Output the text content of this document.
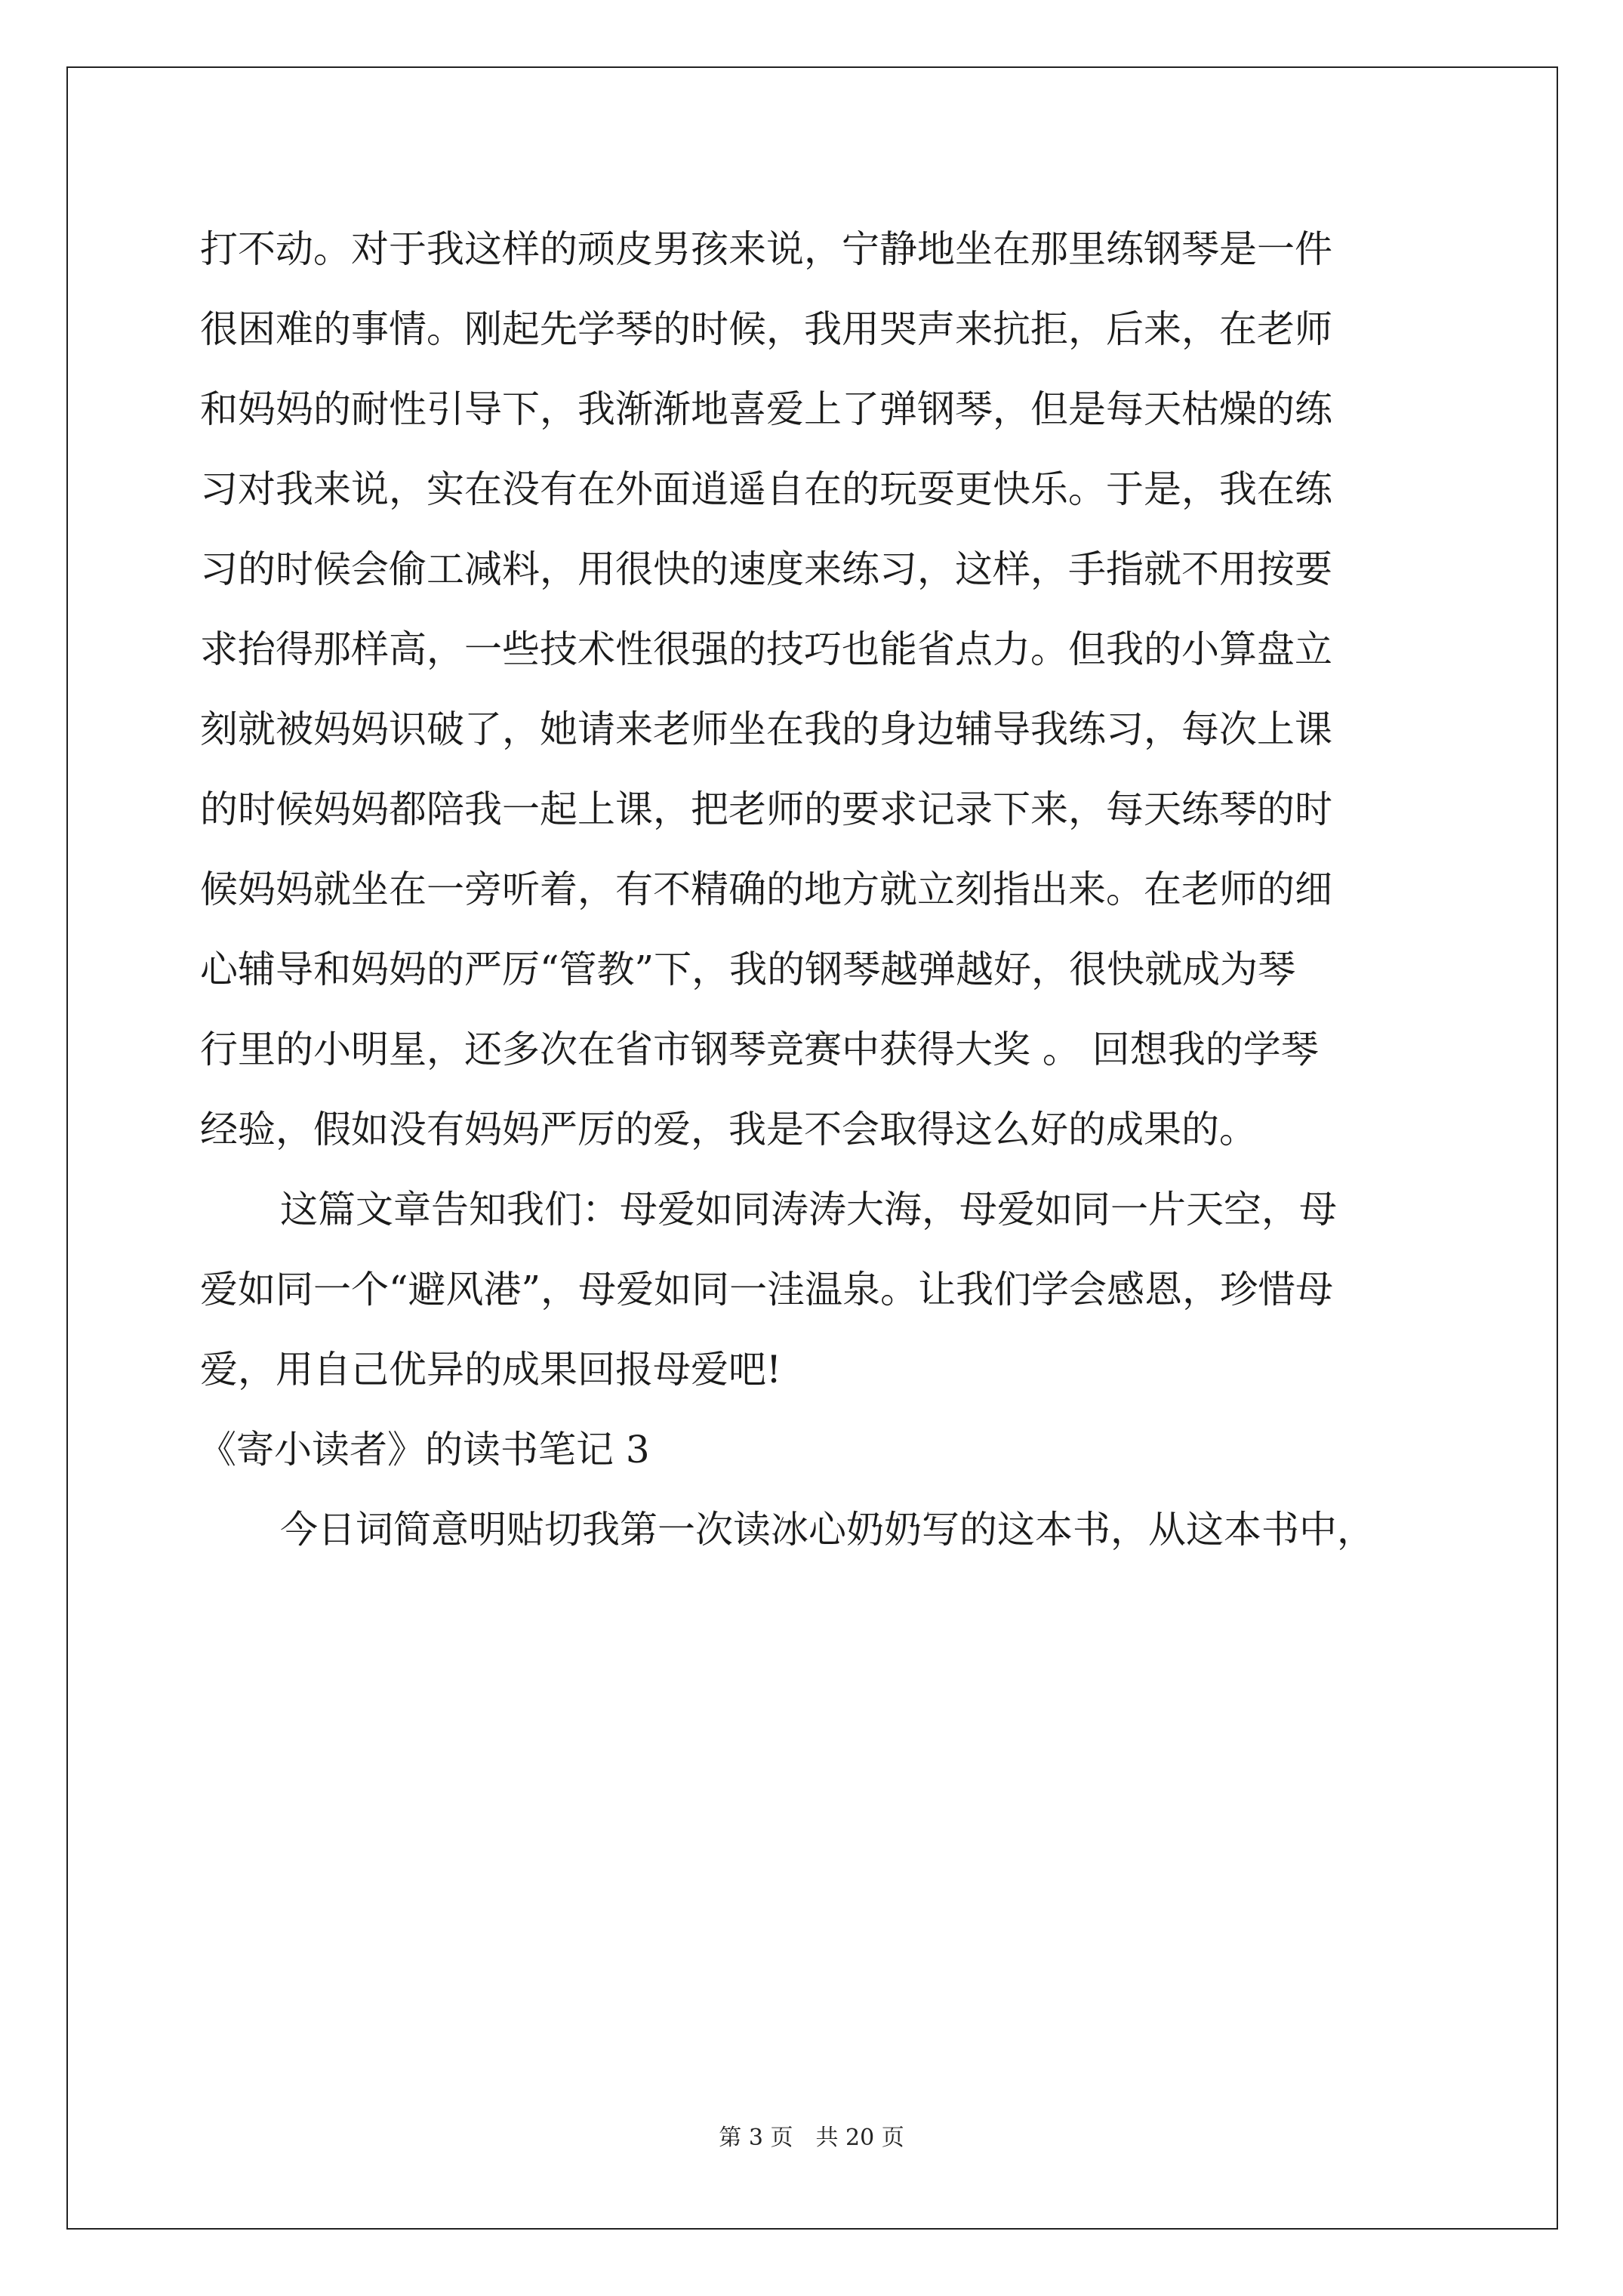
打不动。对于我这样的顽皮男孩来说，宁静地坐在那里练钢琴是一件
很困难的事情。刚起先学琴的时候，我用哭声来抗拒，后来，在老师
和妈妈的耐性引导下，我渐渐地喜爱上了弹钢琴，但是每天枯燥的练
习对我来说，实在没有在外面逍遥自在的玩耍更快乐。于是，我在练
习的时候会偷工减料，用很快的速度来练习，这样，手指就不用按要
求抬得那样高，一些技术性很强的技巧也能省点力。但我的小算盘立
刻就被妈妈识破了，她请来老师坐在我的身边辅导我练习，每次上课
的时候妈妈都陪我一起上课，把老师的要求记录下来，每天练琴的时
候妈妈就坐在一旁听着，有不精确的地方就立刻指出来。在老师的细
心辅导和妈妈的严厉“管教”下，我的钢琴越弹越好，很快就成为琴
行里的小明星，还多次在省市钢琴竞赛中获得大奖 。 回想我的学琴
经验，假如没有妈妈严厉的爱，我是不会取得这么好的成果的。
这篇文章告知我们：母爱如同涛涛大海，母爱如同一片天空，母
爱如同一个“避风港”，母爱如同一洼温泉。让我们学会感恩，珍惜母
爱，用自己优异的成果回报母爱吧!
《寄小读者》的读书笔记 3
今日词简意明贴切我第一次读冰心奶奶写的这本书，从这本书中，
第 3 页　共 20 页
